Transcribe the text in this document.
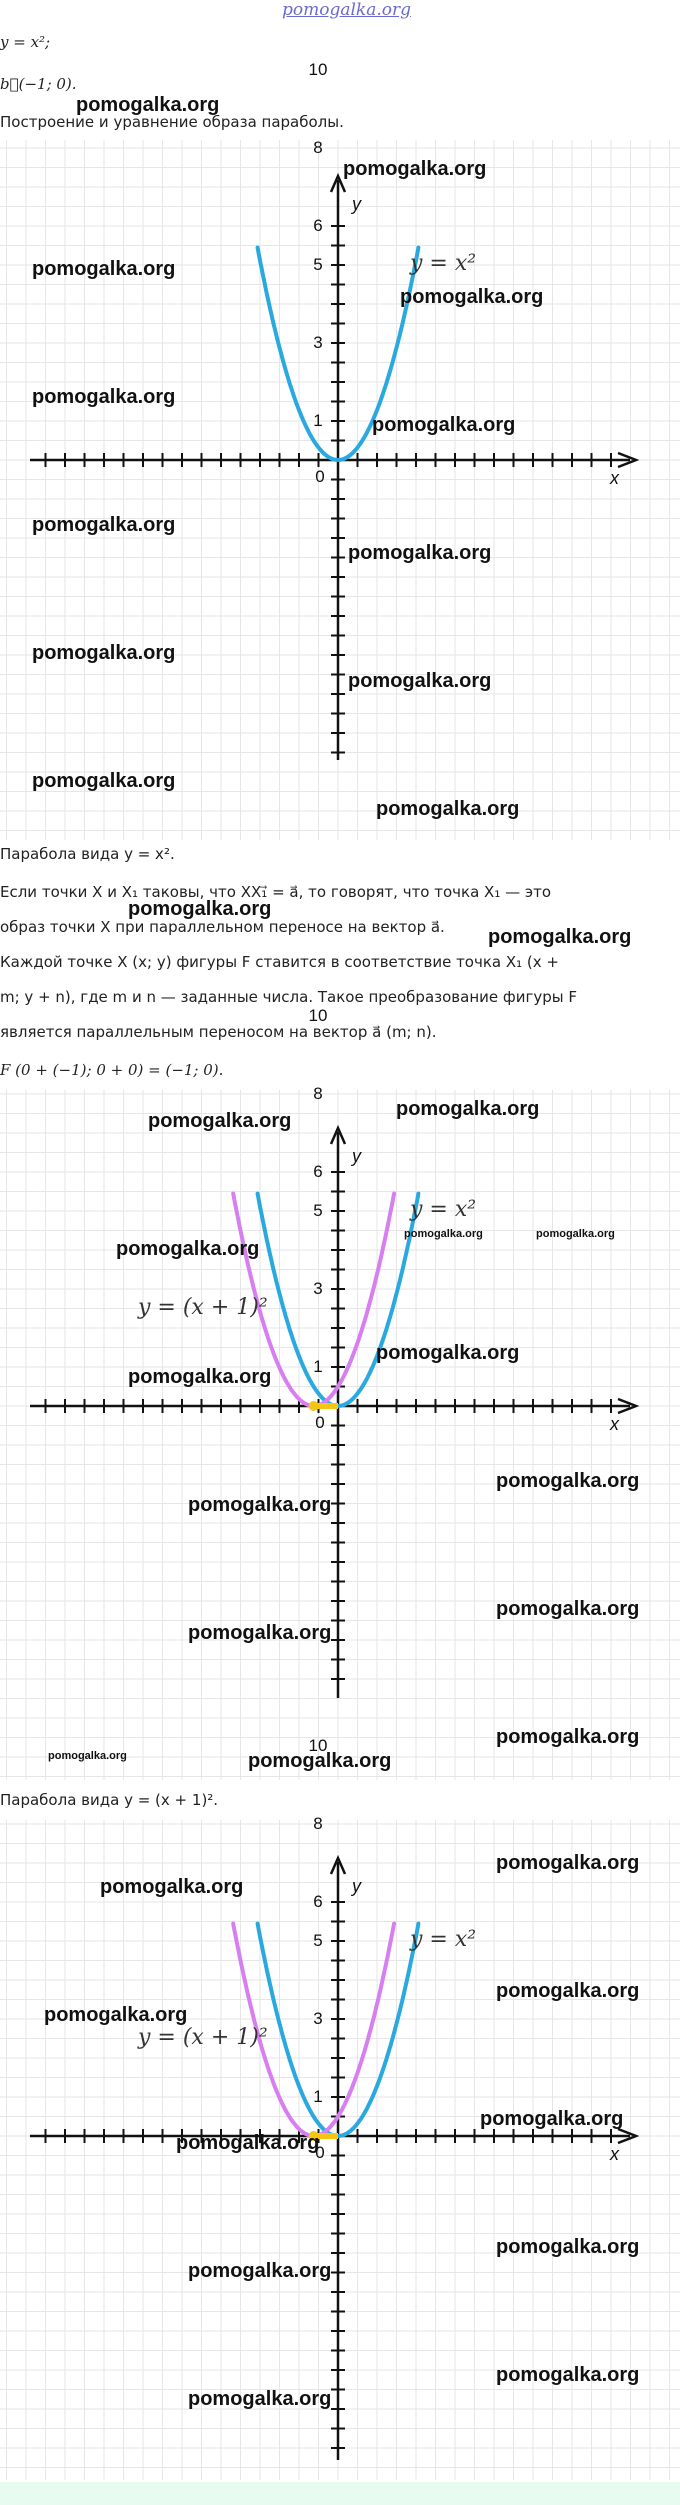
pomogalka.org
y = x²;
b⃗(−1; 0).
Построение и уравнение образа параболы.
0
1
3
5
6
8
10
x
y
y = x²
Парабола вида y = x².
Если точки X и X₁ таковы, что XX₁⃗ = a⃗, то говорят, что точка X₁ — это
образ точки X при параллельном переносе на вектор a⃗.
Каждой точке X (x; y) фигуры F ставится в соответствие точка X₁ (x +
m; y + n), где m и n — заданные числа. Такое преобразование фигуры F
является параллельным переносом на вектор a⃗ (m; n).
F (0 + (−1); 0 + 0) = (−1; 0).
0
1
3
5
6
8
10
x
y
y = x²
y = (x + 1)²
Парабола вида y = (x + 1)².
0
1
3
5
6
8
10
x
y
y = x²
y = (x + 1)²
pomogalka.org
pomogalka.org
pomogalka.org
pomogalka.org
pomogalka.org
pomogalka.org
pomogalka.org
pomogalka.org
pomogalka.org
pomogalka.org
pomogalka.org
pomogalka.org
pomogalka.org
pomogalka.org
pomogalka.org
pomogalka.org
pomogalka.org
pomogalka.org	pomogalka.org
pomogalka.org
pomogalka.org
pomogalka.org
pomogalka.org
pomogalka.org
pomogalka.org
pomogalka.org
pomogalka.org
pomogalka.org
pomogalka.org
pomogalka.org
pomogalka.org
pomogalka.org
pomogalka.org
pomogalka.org
pomogalka.org
pomogalka.org
pomogalka.org
pomogalka.org
